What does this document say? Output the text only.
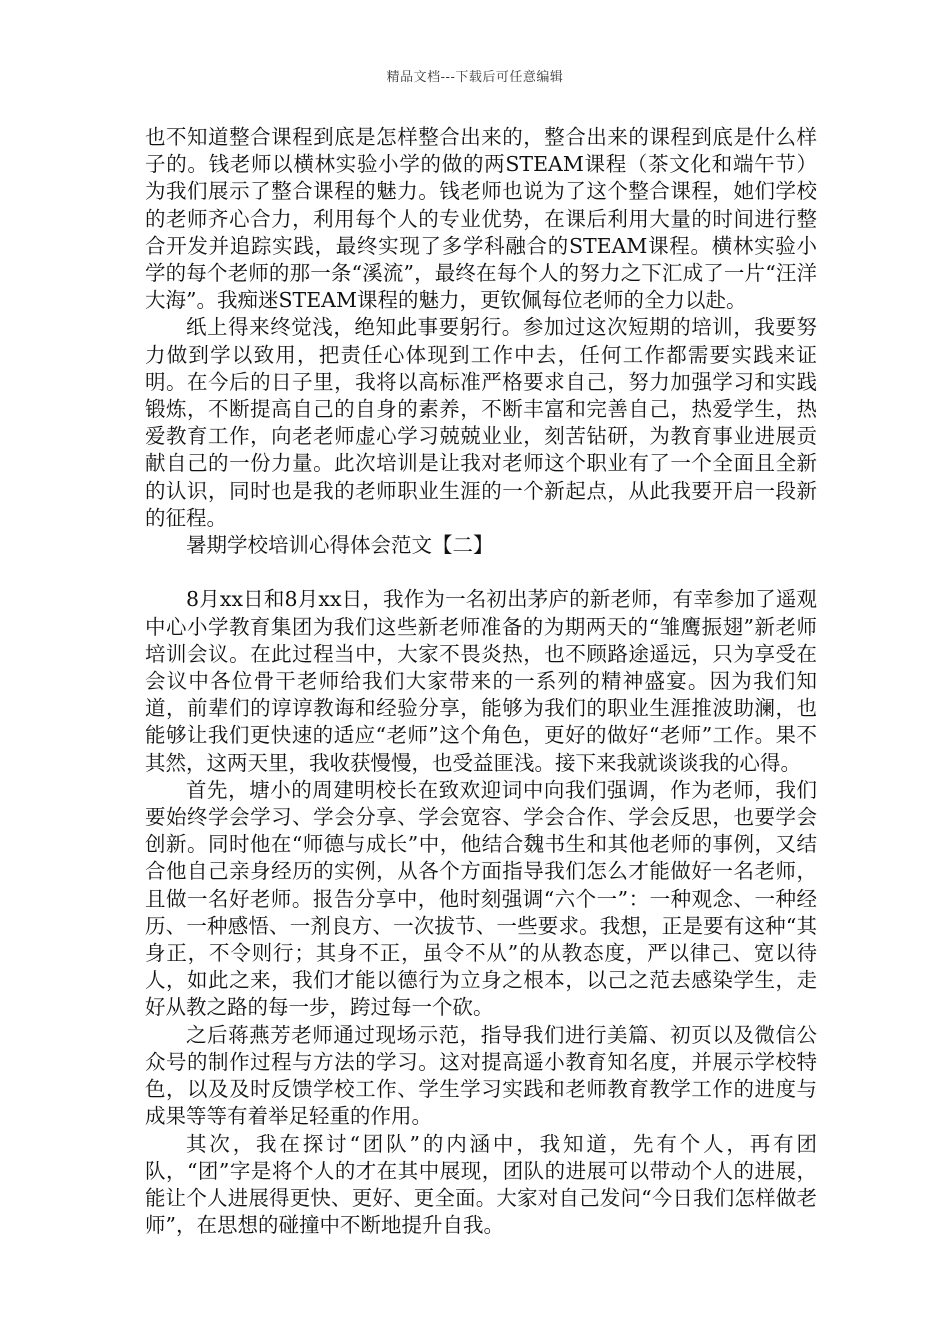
精品文档---下载后可任意编辑

也不知道整合课程到底是怎样整合出来的，整合出来的课程到底是什么样子的。钱老师以横林实验小学的做的两STEAM课程（茶文化和端午节）为我们展示了整合课程的魅力。钱老师也说为了这个整合课程，她们学校的老师齐心合力，利用每个人的专业优势，在课后利用大量的时间进行整合开发并追踪实践，最终实现了多学科融合的STEAM课程。横林实验小学的每个老师的那一条“溪流”，最终在每个人的努力之下汇成了一片“汪洋大海”。我痴迷STEAM课程的魅力，更钦佩每位老师的全力以赴。

纸上得来终觉浅，绝知此事要躬行。参加过这次短期的培训，我要努力做到学以致用，把责任心体现到工作中去，任何工作都需要实践来证明。在今后的日子里，我将以高标准严格要求自己，努力加强学习和实践锻炼，不断提高自己的自身的素养，不断丰富和完善自己，热爱学生，热爱教育工作，向老老师虚心学习兢兢业业，刻苦钻研，为教育事业进展贡献自己的一份力量。此次培训是让我对老师这个职业有了一个全面且全新的认识，同时也是我的老师职业生涯的一个新起点，从此我要开启一段新的征程。

暑期学校培训心得体会范文【二】

8月xx日和8月xx日，我作为一名初出茅庐的新老师，有幸参加了遥观中心小学教育集团为我们这些新老师准备的为期两天的“雏鹰振翅”新老师培训会议。在此过程当中，大家不畏炎热，也不顾路途遥远，只为享受在会议中各位骨干老师给我们大家带来的一系列的精神盛宴。因为我们知道，前辈们的谆谆教诲和经验分享，能够为我们的职业生涯推波助澜，也能够让我们更快速的适应“老师”这个角色，更好的做好“老师”工作。果不其然，这两天里，我收获慢慢，也受益匪浅。接下来我就谈谈我的心得。

首先，塘小的周建明校长在致欢迎词中向我们强调，作为老师，我们要始终学会学习、学会分享、学会宽容、学会合作、学会反思，也要学会创新。同时他在“师德与成长”中，他结合魏书生和其他老师的事例，又结合他自己亲身经历的实例，从各个方面指导我们怎么才能做好一名老师，且做一名好老师。报告分享中，他时刻强调“六个一”：一种观念、一种经历、一种感悟、一剂良方、一次拔节、一些要求。我想，正是要有这种“其身正，不令则行；其身不正，虽令不从”的从教态度，严以律己、宽以待人，如此之来，我们才能以德行为立身之根本，以己之范去感染学生，走好从教之路的每一步，跨过每一个砍。

之后蒋燕芳老师通过现场示范，指导我们进行美篇、初页以及微信公众号的制作过程与方法的学习。这对提高遥小教育知名度，并展示学校特色，以及及时反馈学校工作、学生学习实践和老师教育教学工作的进度与成果等等有着举足轻重的作用。

其次，我在探讨“团队”的内涵中，我知道，先有个人，再有团队，“团”字是将个人的才在其中展现，团队的进展可以带动个人的进展，能让个人进展得更快、更好、更全面。大家对自己发问“今日我们怎样做老师”，在思想的碰撞中不断地提升自我。
